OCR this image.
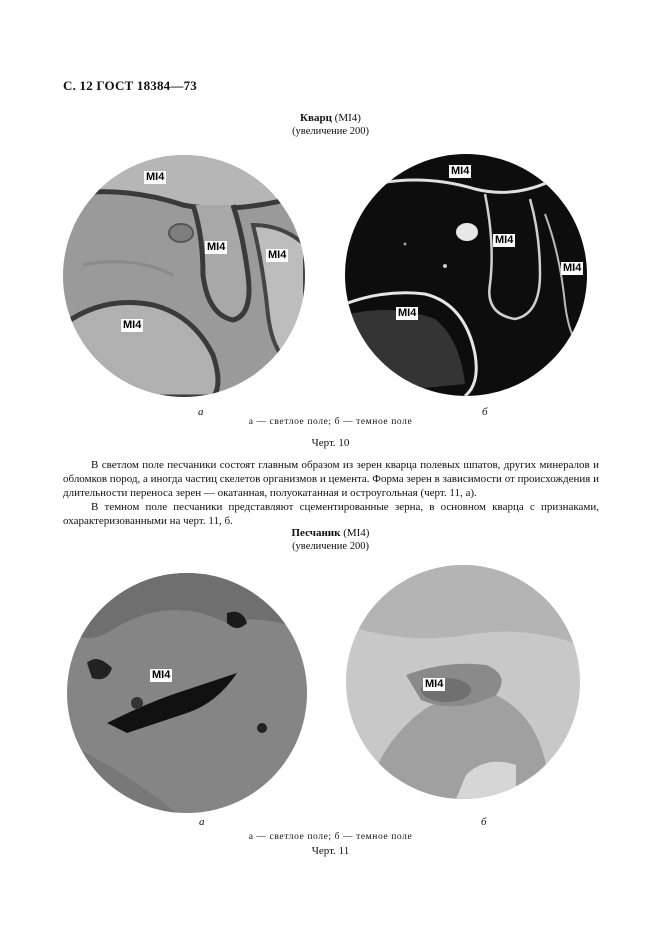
С. 12 ГОСТ 18384—73
Кварц (MI4)
(увеличение 200)
MI4
MI4
MI4
MI4
MI4
MI4
MI4
MI4
а	б
а — светлое поле; б — темное поле
Черт. 10

В светлом поле песчаники состоят главным образом из зерен кварца полевых шпатов, других минералов и обломков пород, а иногда частиц скелетов организмов и цемента. Форма зерен в зависимости от происхождения и длительности переноса зерен — окатанная, полуокатанная и остроугольная (черт. 11, а).

В темном поле песчаники представляют сцементированные зерна, в основном кварца с признаками, охарактеризованными на черт. 11, б.

Песчаник (MI4)
(увеличение 200)
MI4
MI4
а	б
а — светлое поле; б — темное поле
Черт. 11
